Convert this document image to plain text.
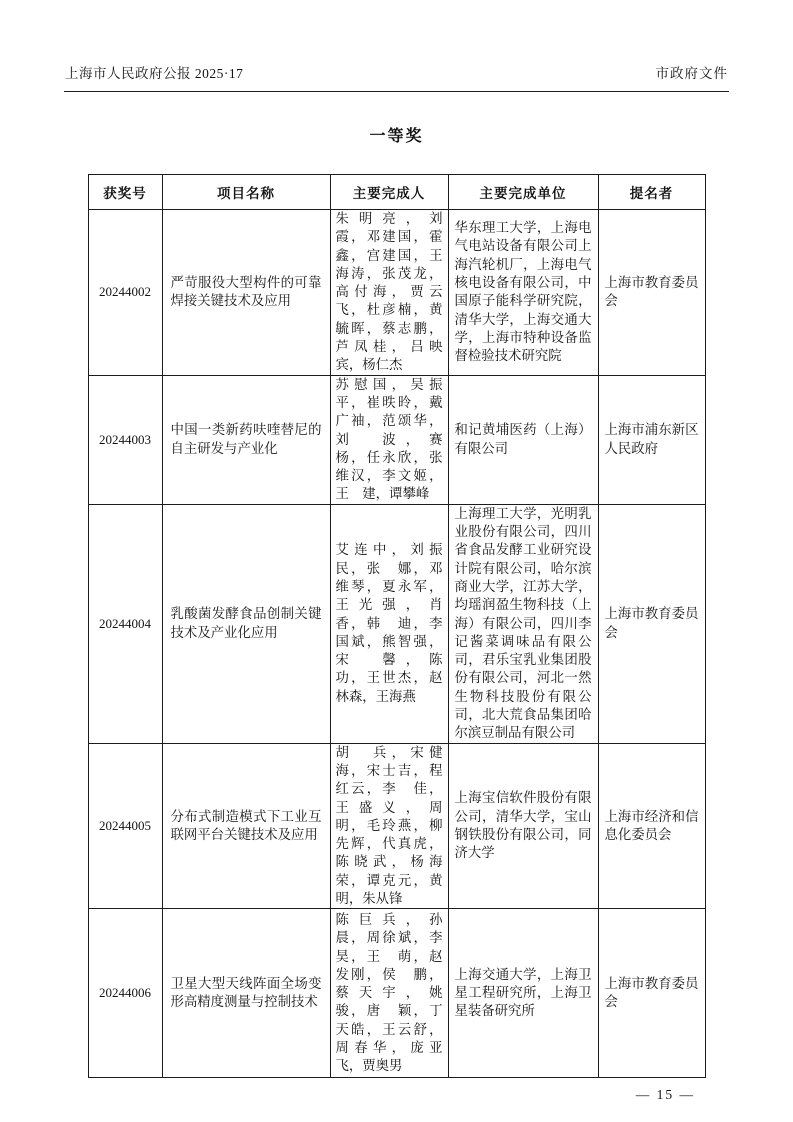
上海市人民政府公报 2025·17	市政府文件
一等奖
获奖号	项目名称	主要完成人	主要完成单位	提名者
20244002	严苛服役大型构件的可靠焊接关键技术及应用	朱明亮，刘　霞，邓建国，霍　鑫，宫建国，王海涛，张茂龙，高付海，贾云飞，杜彦楠，黄毓晖，蔡志鹏，芦凤桂，吕映宾，杨仁杰	华东理工大学，上海电气电站设备有限公司上海汽轮机厂，上海电气核电设备有限公司，中国原子能科学研究院，清华大学，上海交通大学，上海市特种设备监督检验技术研究院	上海市教育委员会
20244003	中国一类新药呋喹替尼的自主研发与产业化	苏慰国，吴振平，崔昳昤，戴广袖，范颂华，刘　波，赛　杨，任永欣，张维汉，李文姬，王　建，谭攀峰	和记黄埔医药（上海）有限公司	上海市浦东新区人民政府
20244004	乳酸菌发酵食品创制关键技术及产业化应用	艾连中，刘振民，张　娜，邓维琴，夏永军，王光强，肖　香，韩　迪，李国斌，熊智强，宋　馨，陈　功，王世杰，赵林森，王海燕	上海理工大学，光明乳业股份有限公司，四川省食品发酵工业研究设计院有限公司，哈尔滨商业大学，江苏大学，均瑶润盈生物科技（上海）有限公司，四川李记酱菜调味品有限公司，君乐宝乳业集团股份有限公司，河北一然生物科技股份有限公司，北大荒食品集团哈尔滨豆制品有限公司	上海市教育委员会
20244005	分布式制造模式下工业互联网平台关键技术及应用	胡　兵，宋健海，宋士吉，程红云，李　佳，王盛义，周　明，毛玲燕，柳先辉，代真虎，陈晓武，杨海荣，谭克元，黄　明，朱从锋	上海宝信软件股份有限公司，清华大学，宝山钢铁股份有限公司，同济大学	上海市经济和信息化委员会
20244006	卫星大型天线阵面全场变形高精度测量与控制技术	陈巨兵，孙　晨，周徐斌，李　昊，王　萌，赵发刚，侯　鹏，蔡天宇，姚　骏，唐　颖，丁天皓，王云舒，周春华，庞亚飞，贾奥男	上海交通大学，上海卫星工程研究所，上海卫星装备研究所	上海市教育委员会
— 15 —
